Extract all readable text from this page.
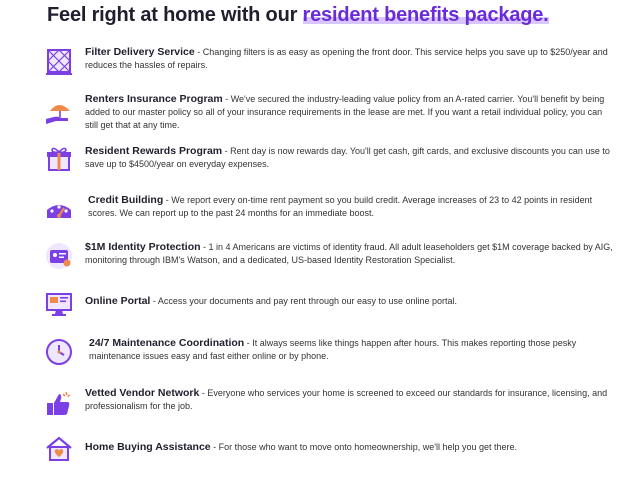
Feel right at home with our resident benefits package.
Filter Delivery Service - Changing filters is as easy as opening the front door. This service helps you save up to $250/year and reduces the hassles of repairs.
Renters Insurance Program - We've secured the industry-leading value policy from an A-rated carrier. You'll benefit by being added to our master policy so all of your insurance requirements in the lease are met. If you want a retail individual policy, you can still get that at any time.
Resident Rewards Program - Rent day is now rewards day. You'll get cash, gift cards, and exclusive discounts you can use to save up to $4500/year on everyday expenses.
Credit Building - We report every on-time rent payment so you build credit. Average increases of 23 to 42 points in resident scores. We can report up to the past 24 months for an immediate boost.
$1M Identity Protection - 1 in 4 Americans are victims of identity fraud. All adult leaseholders get $1M coverage backed by AIG, monitoring through IBM's Watson, and a dedicated, US-based Identity Restoration Specialist.
Online Portal - Access your documents and pay rent through our easy to use online portal.
24/7 Maintenance Coordination - It always seems like things happen after hours. This makes reporting those pesky maintenance issues easy and fast either online or by phone.
Vetted Vendor Network - Everyone who services your home is screened to exceed our standards for insurance, licensing, and professionalism for the job.
Home Buying Assistance - For those who want to move onto homeownership, we'll help you get there.
